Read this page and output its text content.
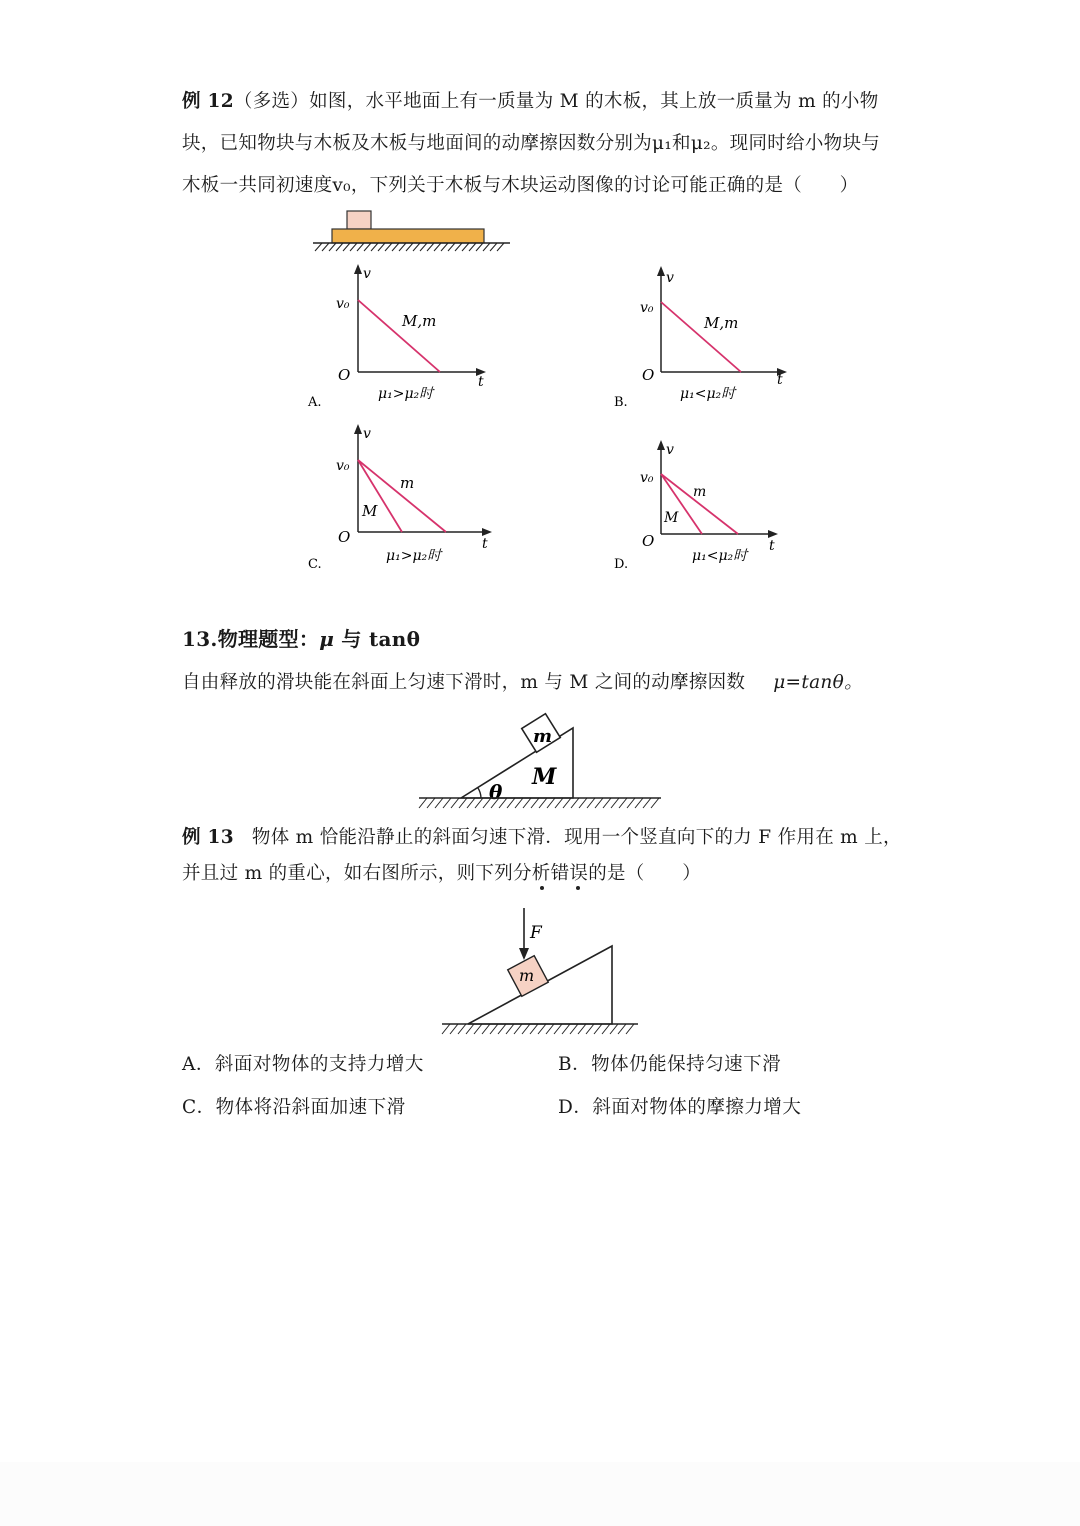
例 12（多选）如图，水平地面上有一质量为 M 的木板，其上放一质量为 m 的小物
块，已知物块与木板及木板与地面间的动摩擦因数分别为μ₁和μ₂。现同时给小物块与
木板一共同初速度v₀，下列关于木板与木块运动图像的讨论可能正确的是（　　）
v
v₀
O	t
M,m
μ₁>μ₂时
A.
v
v₀
O	t
M,m
μ₁<μ₂时
B.
v
v₀
O	t
m
M
μ₁>μ₂时
C.
v
v₀
O	t
m
M
μ₁<μ₂时
D.
13.物理题型：μ 与 tanθ
自由释放的滑块能在斜面上匀速下滑时，m 与 M 之间的动摩擦因数 μ=tanθ。
m
M
θ
例 13 物体 m 恰能沿静止的斜面匀速下滑．现用一个竖直向下的力 F 作用在 m 上，
并且过 m 的重心，如右图所示，则下列分析错误的是（　　）
m
F
A．斜面对物体的支持力增大	B．物体仍能保持匀速下滑
C．物体将沿斜面加速下滑	D．斜面对物体的摩擦力增大
